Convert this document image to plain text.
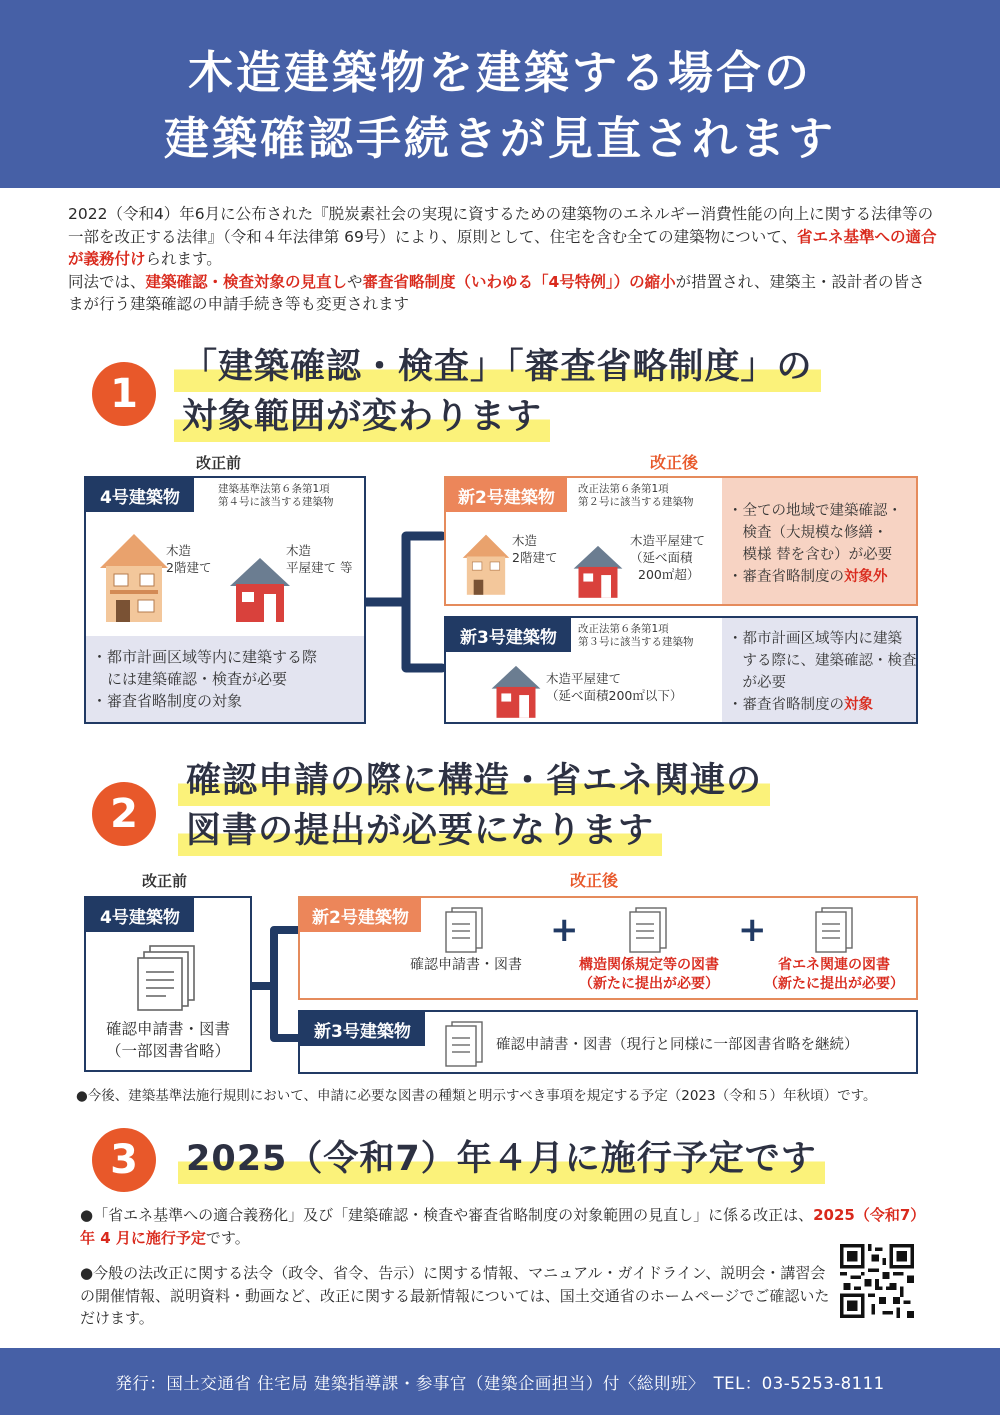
木造建築物を建築する場合の
建築確認手続きが見直されます

2022（令和4）年6月に公布された『脱炭素社会の実現に資するための建築物のエネルギー消費性能の向上に関する法律等の一部を改正する法律』（令和４年法律第 69号）により、原則として、住宅を含む全ての建築物について、省エネ基準への適合が義務付けられます。

同法では、建築確認・検査対象の見直しや審査省略制度（いわゆる「4号特例」）の縮小が措置され、建築主・設計者の皆さまが行う建築確認の申請手続き等も変更されます

1
「建築確認・検査」「審査省略制度」の
対象範囲が変わります
改正前	改正後
4号建築物	建築基準法第６条第1項
第４号に該当する建築物
木造
2階建て
木造
平屋建て 等
・都市計画区域等内に建築する際
　には建築確認・検査が必要
・審査省略制度の対象
新2号建築物	改正法第６条第1項
第２号に該当する建築物
木造
2階建て
木造平屋建て
（延べ面積
200㎡超）
・全ての地域で建築確認・
　検査（大規模な修繕・
　模様 替を含む）が必要
・審査省略制度の対象外
新3号建築物	改正法第６条第1項
第３号に該当する建築物
木造平屋建て
（延べ面積200㎡以下）
・都市計画区域等内に建築
　する際に、建築確認・検査
　が必要
・審査省略制度の対象
2
確認申請の際に構造・省エネ関連の
図書の提出が必要になります
改正前	改正後
4号建築物
確認申請書・図書
（一部図書省略）
新2号建築物
確認申請書・図書
+
構造関係規定等の図書
（新たに提出が必要）
+
省エネ関連の図書
（新たに提出が必要）
新3号建築物
確認申請書・図書（現行と同様に一部図書省略を継続）
●今後、建築基準法施行規則において、申請に必要な図書の種類と明示すべき事項を規定する予定（2023（令和５）年秋頃）です。
3	2025（令和7）年４月に施行予定です
●「省エネ基準への適合義務化」及び「建築確認・検査や審査省略制度の対象範囲の見直し」に係る改正は、2025（令和7）年 4 月に施行予定です。
●今般の法改正に関する法令（政令、省令、告示）に関する情報、マニュアル・ガイドライン、説明会・講習会の開催情報、説明資料・動画など、改正に関する最新情報については、国土交通省のホームページでご確認いただけます。
発行：国土交通省 住宅局 建築指導課・参事官（建築企画担当）付〈総則班〉　TEL：03-5253-8111
